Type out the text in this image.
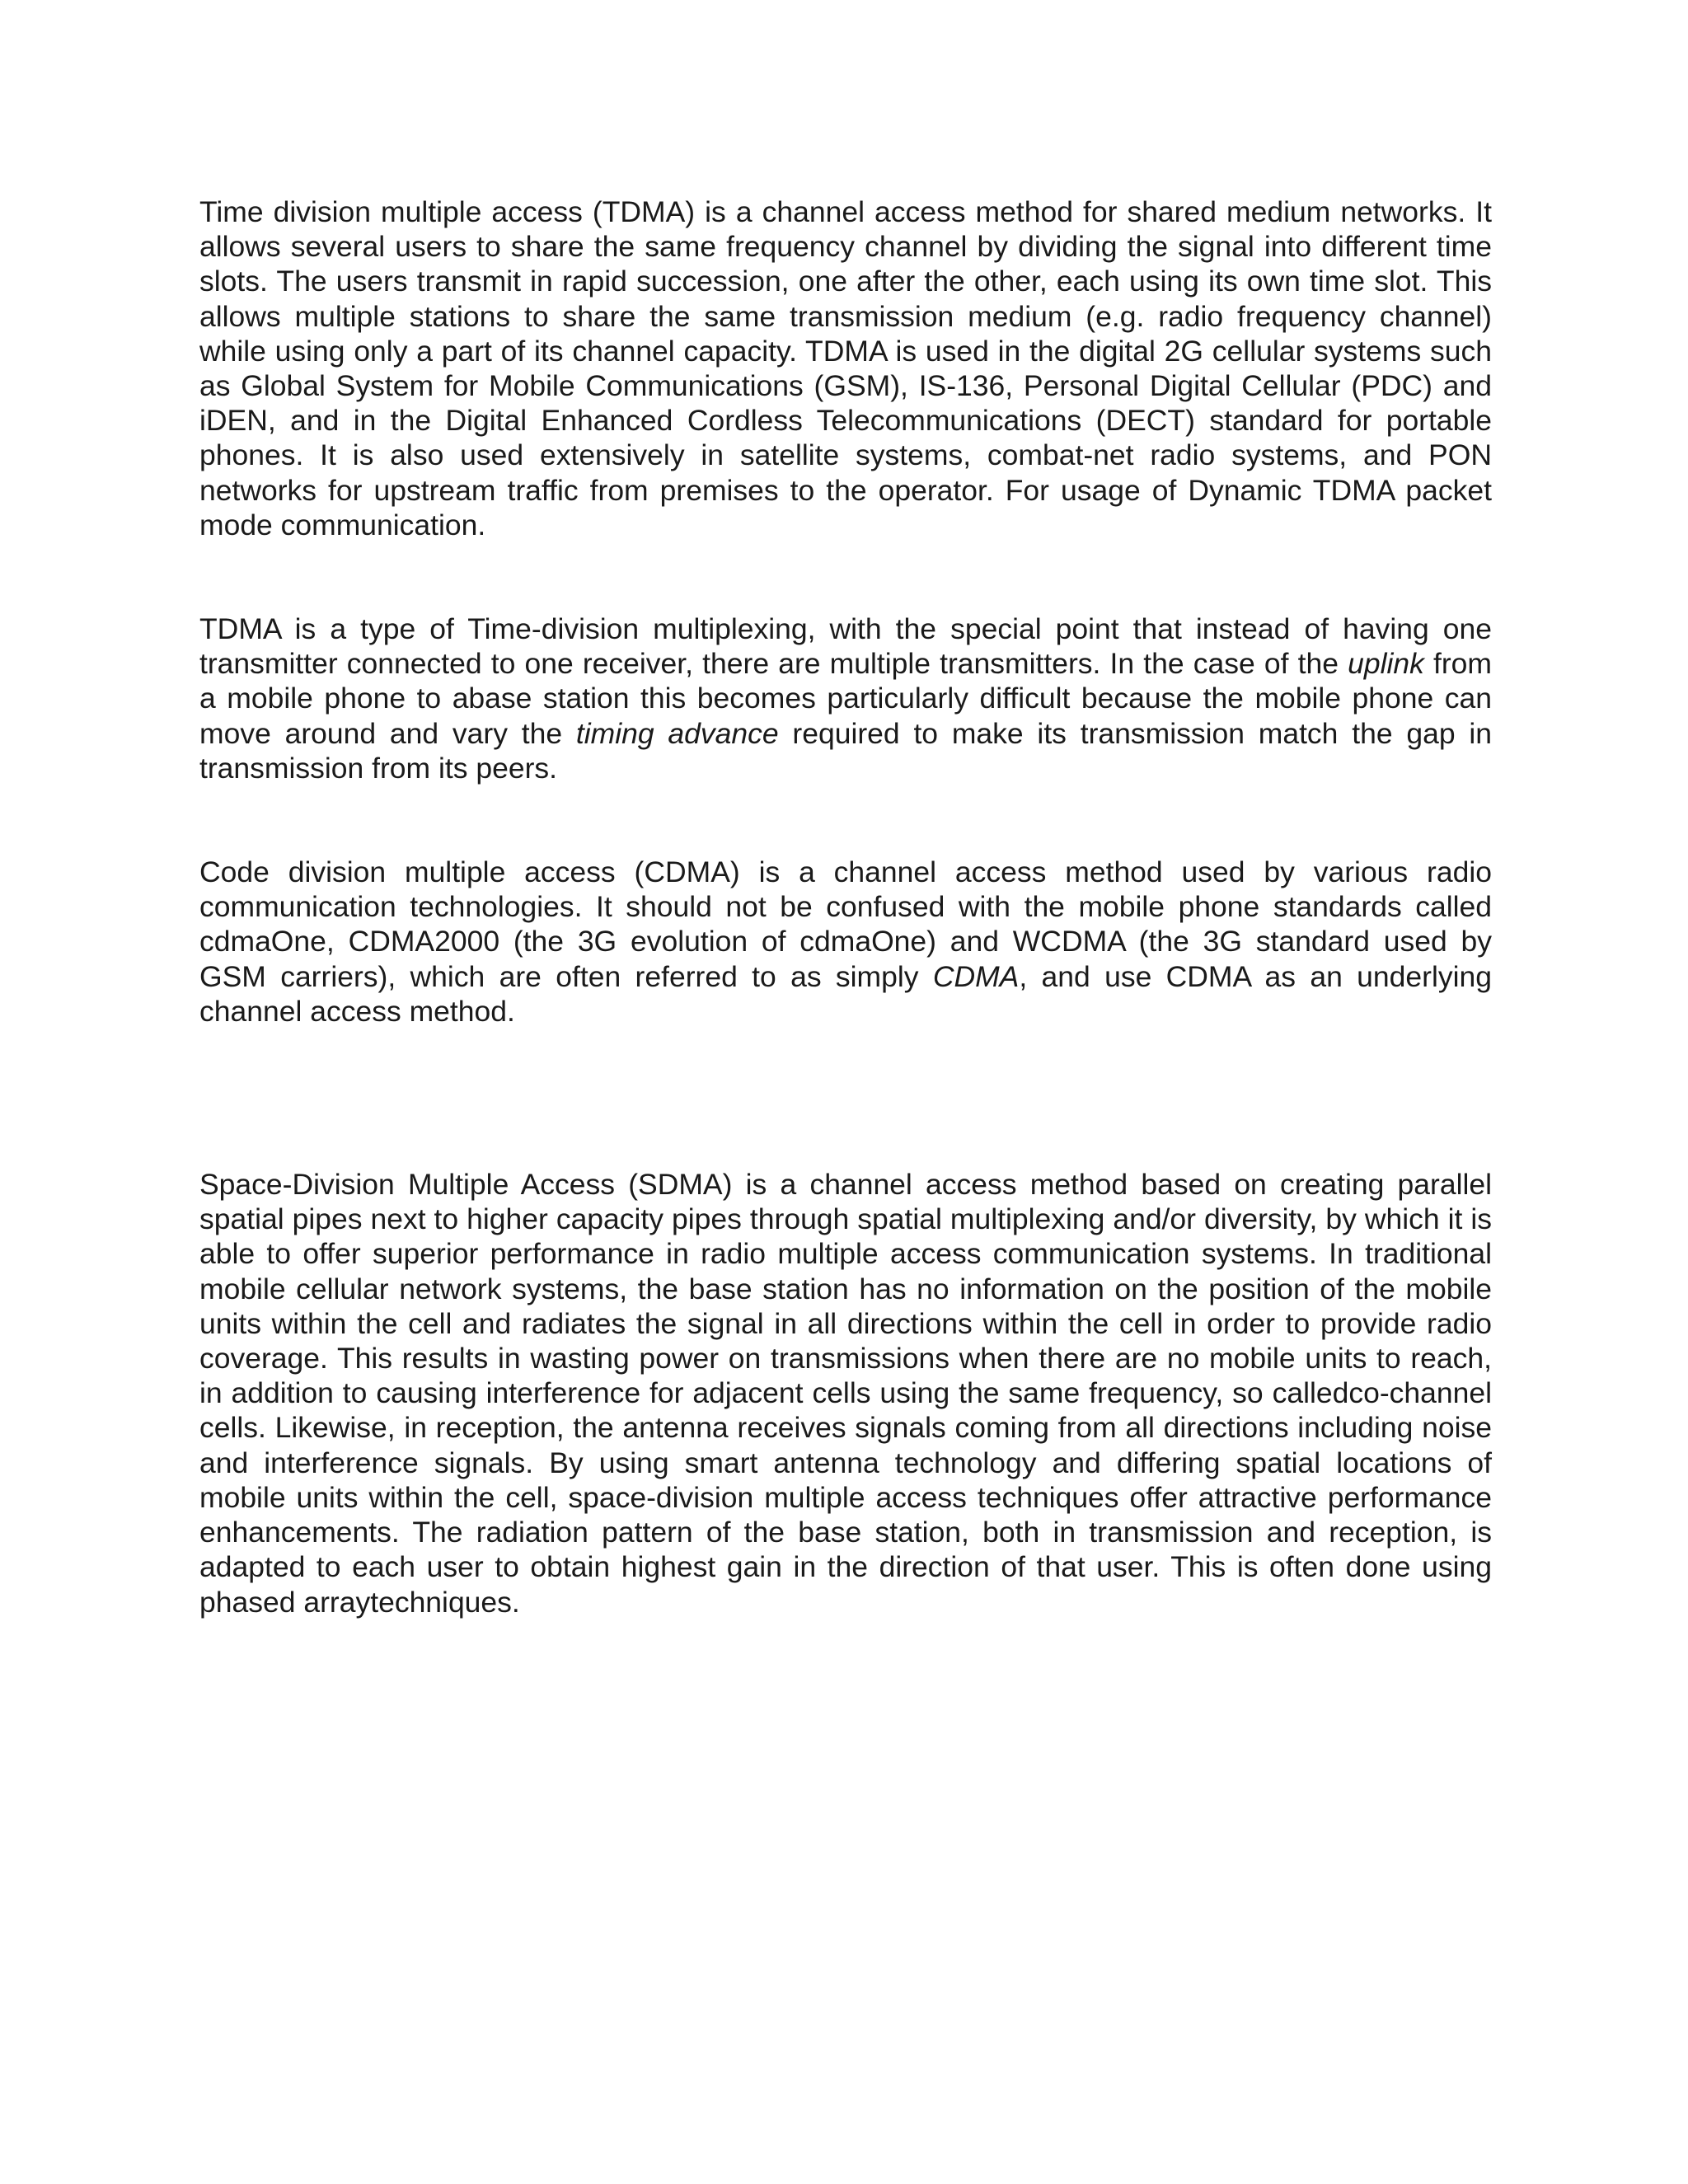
Time division multiple access (TDMA) is a channel access method for shared medium networks. It allows several users to share the same frequency channel by dividing the signal into different time slots. The users transmit in rapid succession, one after the other, each using its own time slot. This allows multiple stations to share the same transmission medium (e.g. radio frequency channel) while using only a part of its channel capacity. TDMA is used in the digital 2G cellular systems such as Global System for Mobile Communications (GSM), IS-136, Personal Digital Cellular (PDC) and iDEN, and in the Digital Enhanced Cordless Telecommunications (DECT) standard for portable phones. It is also used extensively in satellite systems, combat-net radio systems, and PON networks for upstream traffic from premises to the operator. For usage of Dynamic TDMA packet mode communication.

TDMA is a type of Time-division multiplexing, with the special point that instead of having one transmitter connected to one receiver, there are multiple transmitters. In the case of the uplink from a mobile phone to abase station this becomes particularly difficult because the mobile phone can move around and vary the timing advance required to make its transmission match the gap in transmission from its peers.

Code division multiple access (CDMA) is a channel access method used by various radio communication technologies. It should not be confused with the mobile phone standards called cdmaOne, CDMA2000 (the 3G evolution of cdmaOne) and WCDMA (the 3G standard used by GSM carriers), which are often referred to as simply CDMA, and use CDMA as an underlying channel access method.

Space-Division Multiple Access (SDMA) is a channel access method based on creating parallel spatial pipes next to higher capacity pipes through spatial multiplexing and/or diversity, by which it is able to offer superior performance in radio multiple access communication systems. In traditional mobile cellular network systems, the base station has no information on the position of the mobile units within the cell and radiates the signal in all directions within the cell in order to provide radio coverage. This results in wasting power on transmissions when there are no mobile units to reach, in addition to causing interference for adjacent cells using the same frequency, so calledco-channel cells. Likewise, in reception, the antenna receives signals coming from all directions including noise and interference signals. By using smart antenna technology and differing spatial locations of mobile units within the cell, space-division multiple access techniques offer attractive performance enhancements. The radiation pattern of the base station, both in transmission and reception, is adapted to each user to obtain highest gain in the direction of that user. This is often done using phased arraytechniques.
